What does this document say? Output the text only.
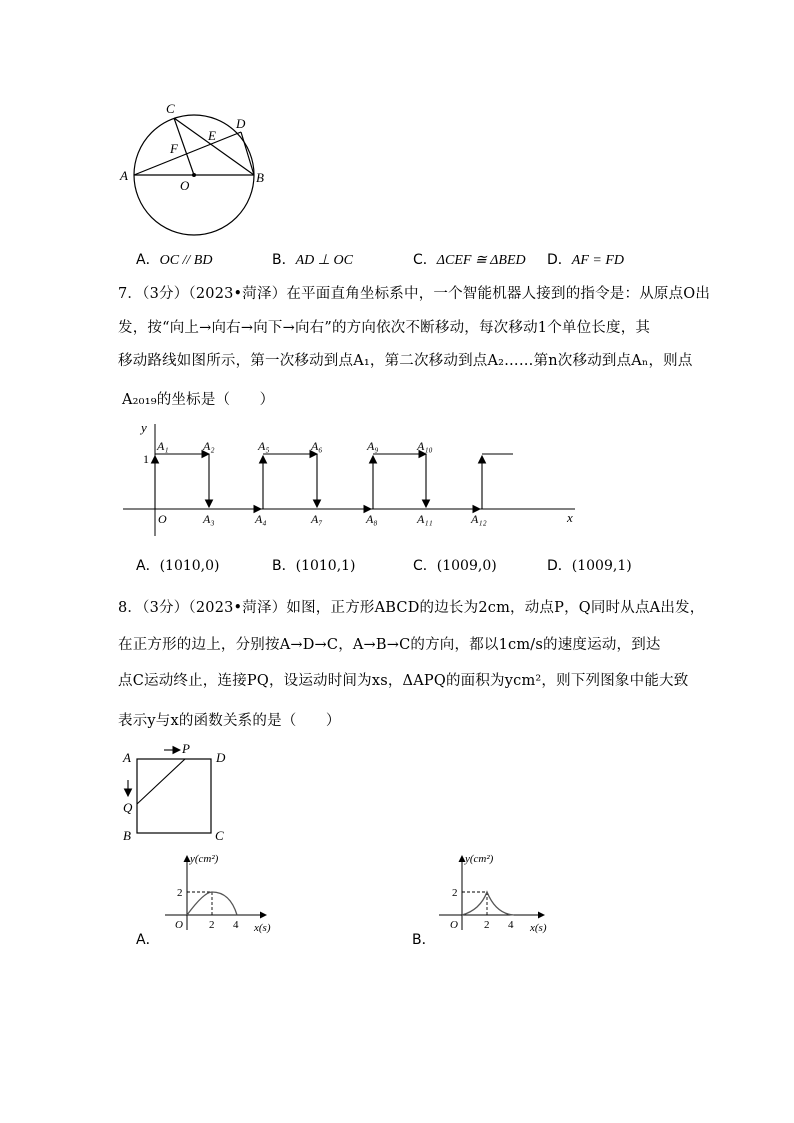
A	B
C
D
E
F
O
A．OC // BD	B．AD ⊥ OC	C．ΔCEF ≅ ΔBED D．AF = FD
7．（3分）（2023•菏泽）在平面直角坐标系中，一个智能机器人接到的指令是：从原点O出
发，按“向上→向右→向下→向右”的方向依次不断移动，每次移动1个单位长度，其
移动路线如图所示，第一次移动到点A₁，第二次移动到点A₂……第n次移动到点Aₙ，则点
A₂₀₁₉的坐标是（　　）
y
x
O
1
A₁	A₂
A₃	A₄
A₅	A₆
A₇	A₈
A₉	A₁₀
A₁₁	A₁₂
A．(1010,0)	B．(1010,1)	C．(1009,0)	D．(1009,1)
8．（3分）（2023•菏泽）如图，正方形ABCD的边长为2cm，动点P，Q同时从点A出发，
在正方形的边上，分别按A→D→C，A→B→C的方向，都以1cm/s的速度运动，到达
点C运动终止，连接PQ，设运动时间为xs，ΔAPQ的面积为ycm²，则下列图象中能大致
表示y与x的函数关系的是（　　）
A	D
B	C
P
Q
A．
y(cm²)
x(s)
O
2
2 4
B．
y(cm²)
x(s)
O
2
2 4
